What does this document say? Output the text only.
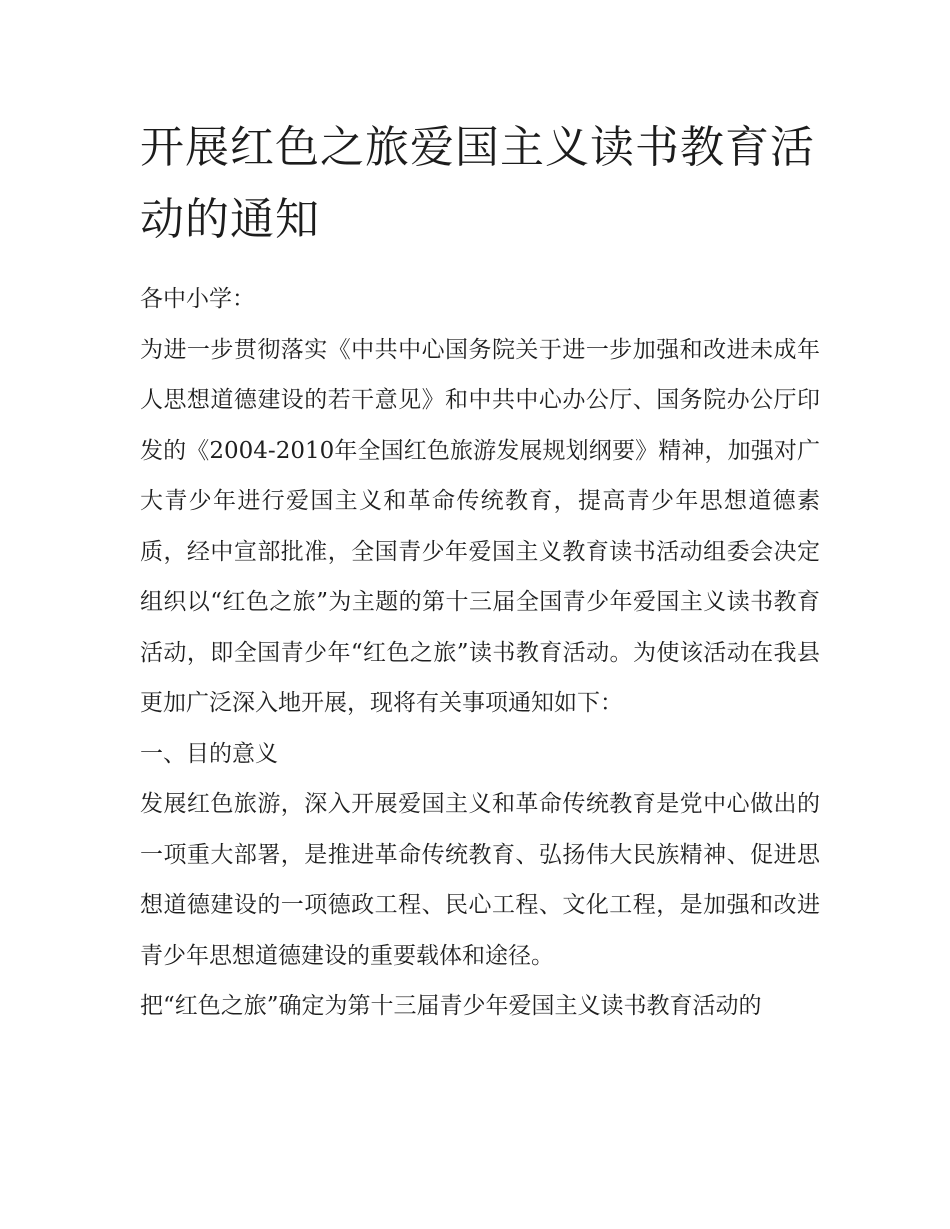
开展红色之旅爱国主义读书教育活动的通知

各中小学：

为进一步贯彻落实《中共中心国务院关于进一步加强和改进未成年人思想道德建设的若干意见》和中共中心办公厅、国务院办公厅印发的《2004-2010年全国红色旅游发展规划纲要》精神，加强对广大青少年进行爱国主义和革命传统教育，提高青少年思想道德素质，经中宣部批准，全国青少年爱国主义教育读书活动组委会决定组织以“红色之旅”为主题的第十三届全国青少年爱国主义读书教育活动，即全国青少年“红色之旅”读书教育活动。为使该活动在我县更加广泛深入地开展，现将有关事项通知如下：

一、目的意义

发展红色旅游，深入开展爱国主义和革命传统教育是党中心做出的一项重大部署，是推进革命传统教育、弘扬伟大民族精神、促进思想道德建设的一项德政工程、民心工程、文化工程，是加强和改进青少年思想道德建设的重要载体和途径。

把“红色之旅”确定为第十三届青少年爱国主义读书教育活动的
